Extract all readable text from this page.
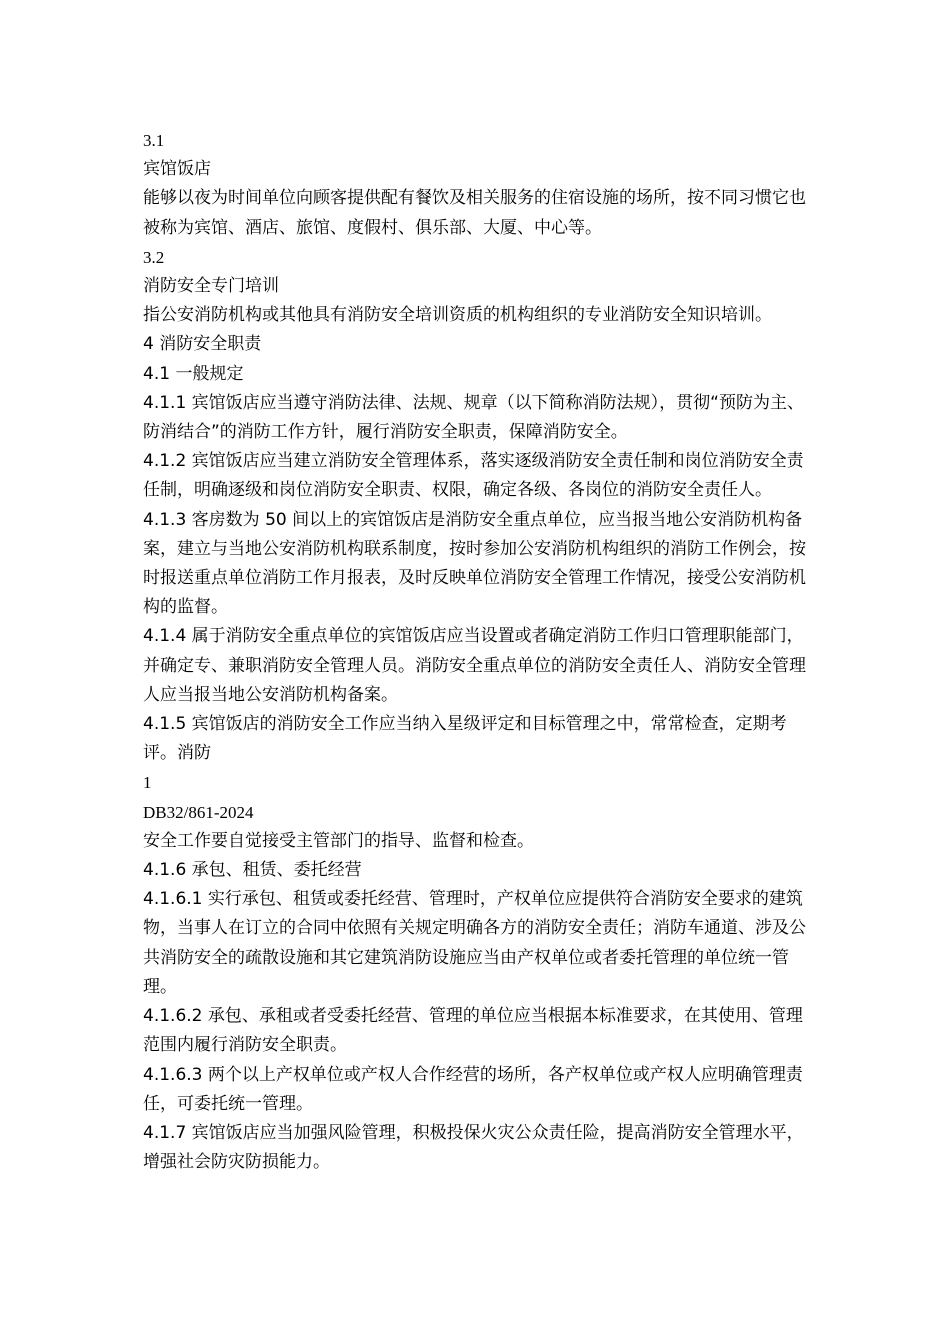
3.1

宾馆饭店

能够以夜为时间单位向顾客提供配有餐饮及相关服务的住宿设施的场所，按不同习惯它也被称为宾馆、酒店、旅馆、度假村、俱乐部、大厦、中心等。

3.2

消防安全专门培训

指公安消防机构或其他具有消防安全培训资质的机构组织的专业消防安全知识培训。

4 消防安全职责

4.1 一般规定

4.1.1 宾馆饭店应当遵守消防法律、法规、规章（以下简称消防法规），贯彻“预防为主、防消结合”的消防工作方针，履行消防安全职责，保障消防安全。

4.1.2 宾馆饭店应当建立消防安全管理体系，落实逐级消防安全责任制和岗位消防安全责任制，明确逐级和岗位消防安全职责、权限，确定各级、各岗位的消防安全责任人。

4.1.3 客房数为 50 间以上的宾馆饭店是消防安全重点单位，应当报当地公安消防机构备案，建立与当地公安消防机构联系制度，按时参加公安消防机构组织的消防工作例会，按时报送重点单位消防工作月报表，及时反映单位消防安全管理工作情况，接受公安消防机构的监督。

4.1.4 属于消防安全重点单位的宾馆饭店应当设置或者确定消防工作归口管理职能部门，并确定专、兼职消防安全管理人员。消防安全重点单位的消防安全责任人、消防安全管理人应当报当地公安消防机构备案。

4.1.5 宾馆饭店的消防安全工作应当纳入星级评定和目标管理之中，常常检查，定期考评。消防

1

DB32/861-2024

安全工作要自觉接受主管部门的指导、监督和检查。

4.1.6 承包、租赁、委托经营

4.1.6.1 实行承包、租赁或委托经营、管理时，产权单位应提供符合消防安全要求的建筑物，当事人在订立的合同中依照有关规定明确各方的消防安全责任；消防车通道、涉及公共消防安全的疏散设施和其它建筑消防设施应当由产权单位或者委托管理的单位统一管理。

4.1.6.2 承包、承租或者受委托经营、管理的单位应当根据本标准要求，在其使用、管理范围内履行消防安全职责。

4.1.6.3 两个以上产权单位或产权人合作经营的场所，各产权单位或产权人应明确管理责任，可委托统一管理。

4.1.7 宾馆饭店应当加强风险管理，积极投保火灾公众责任险，提高消防安全管理水平，增强社会防灾防损能力。
